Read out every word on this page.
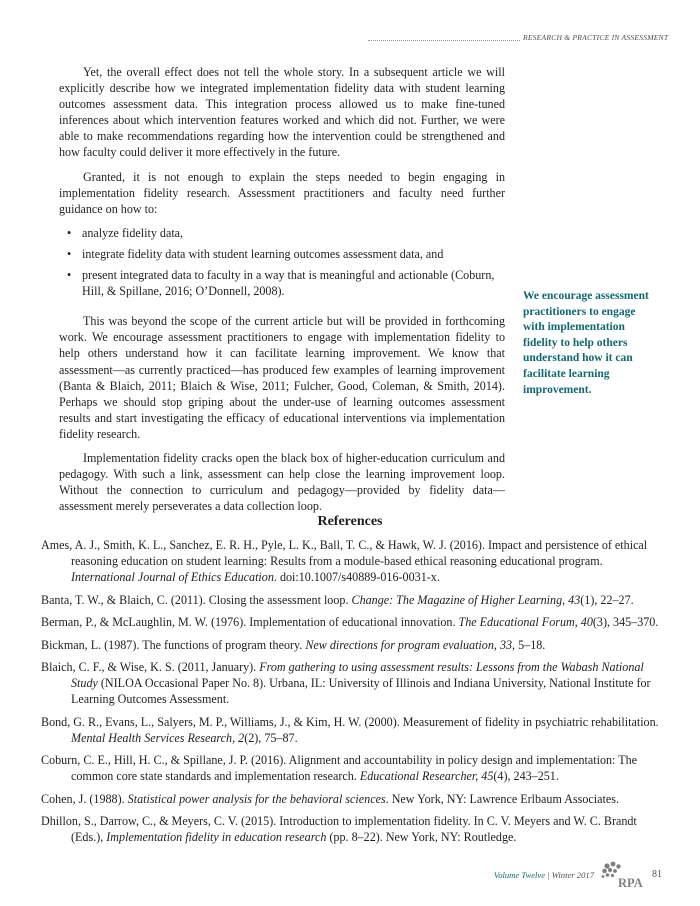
RESEARCH & PRACTICE IN ASSESSMENT

Yet, the overall effect does not tell the whole story. In a subsequent article we will explicitly describe how we integrated implementation fidelity data with student learning outcomes assessment data. This integration process allowed us to make fine-tuned inferences about which intervention features worked and which did not. Further, we were able to make recommendations regarding how the intervention could be strengthened and how faculty could deliver it more effectively in the future.

Granted, it is not enough to explain the steps needed to begin engaging in implementation fidelity research. Assessment practitioners and faculty need further guidance on how to:

• analyze fidelity data,
• integrate fidelity data with student learning outcomes assessment data, and
• present integrated data to faculty in a way that is meaningful and actionable (Coburn, Hill, & Spillane, 2016; O’Donnell, 2008).

This was beyond the scope of the current article but will be provided in forthcoming work. We encourage assessment practitioners to engage with implementation fidelity to help others understand how it can facilitate learning improvement. We know that assessment—as currently practiced—has produced few examples of learning improvement (Banta & Blaich, 2011; Blaich & Wise, 2011; Fulcher, Good, Coleman, & Smith, 2014). Perhaps we should stop griping about the under-use of learning outcomes assessment results and start investigating the efficacy of educational interventions via implementation fidelity research.

Implementation fidelity cracks open the black box of higher-education curriculum and pedagogy. With such a link, assessment can help close the learning improvement loop. Without the connection to curriculum and pedagogy—provided by fidelity data—assessment merely perseverates a data collection loop.

We encourage assessment practitioners to engage with implementation fidelity to help others understand how it can facilitate learning improvement.
References
Ames, A. J., Smith, K. L., Sanchez, E. R. H., Pyle, L. K., Ball, T. C., & Hawk, W. J. (2016). Impact and persistence of ethical reasoning education on student learning: Results from a module-based ethical reasoning educational program. International Journal of Ethics Education. doi:10.1007/s40889-016-0031-x.
Banta, T. W., & Blaich, C. (2011). Closing the assessment loop. Change: The Magazine of Higher Learning, 43(1), 22–27.
Berman, P., & McLaughlin, M. W. (1976). Implementation of educational innovation. The Educational Forum, 40(3), 345–370.
Bickman, L. (1987). The functions of program theory. New directions for program evaluation, 33, 5–18.
Blaich, C. F., & Wise, K. S. (2011, January). From gathering to using assessment results: Lessons from the Wabash National Study (NILOA Occasional Paper No. 8). Urbana, IL: University of Illinois and Indiana University, National Institute for Learning Outcomes Assessment.
Bond, G. R., Evans, L., Salyers, M. P., Williams, J., & Kim, H. W. (2000). Measurement of fidelity in psychiatric rehabilitation. Mental Health Services Research, 2(2), 75–87.
Coburn, C. E., Hill, H. C., & Spillane, J. P. (2016). Alignment and accountability in policy design and implementation: The common core state standards and implementation research. Educational Researcher, 45(4), 243–251.
Cohen, J. (1988). Statistical power analysis for the behavioral sciences. New York, NY: Lawrence Erlbaum Associates.
Dhillon, S., Darrow, C., & Meyers, C. V. (2015). Introduction to implementation fidelity. In C. V. Meyers and W. C. Brandt (Eds.), Implementation fidelity in education research (pp. 8–22). New York, NY: Routledge.
Volume Twelve | Winter 2017
RPA
81
